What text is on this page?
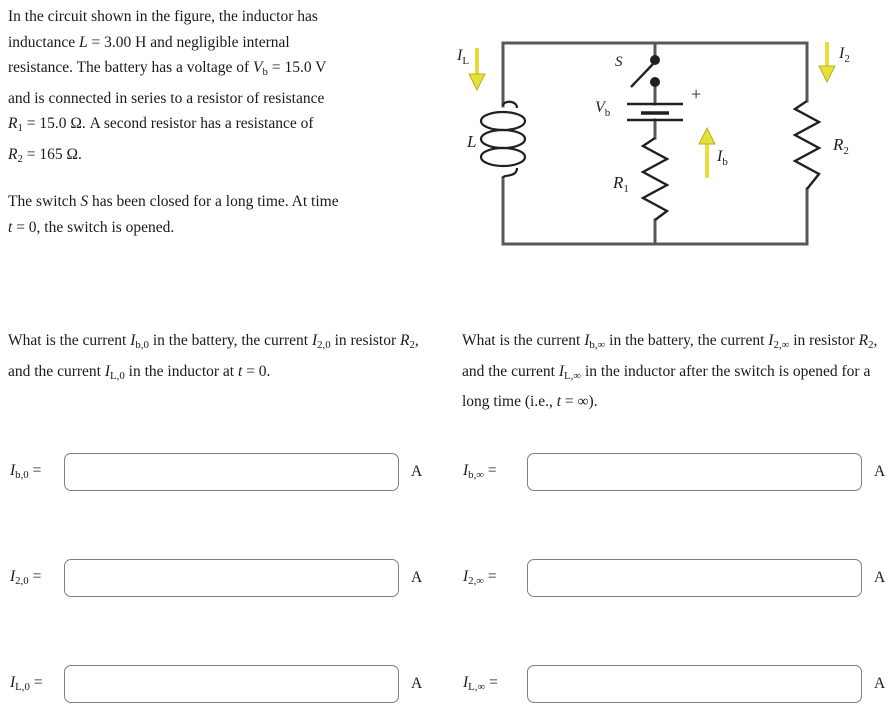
In the circuit shown in the figure, the inductor has

inductance L = 3.00 H and negligible internal

resistance. The battery has a voltage of $V_b = 15.0$ V

and is connected in series to a resistor of resistance

$R_1 = 15.0$ Ω. A second resistor has a resistance of

$R_2 = 165$ Ω.

The switch S has been closed for a long time. At time

t = 0, the switch is opened.

L
$I_L$	S
$V_b$
+
$R_1$
$I_b$
$R_2$
$I_2$
What is the current $I_{b,0}$ in the battery, the current $I_{2,0}$ in resistor $R_2$, and the current $I_{L,0}$ in the inductor at t = 0.
What is the current $I_{b,\infty}$ in the battery, the current $I_{2,\infty}$ in resistor $R_2$, and the current $I_{L,\infty}$ in the inductor after the switch is opened for a long time (i.e., t = ∞).
$I_{b,0}$ =	A
$I_{2,0}$ =	A
$I_{L,0}$ =	A
$I_{b,\infty}$ =	A
$I_{2,\infty}$ =	A
$I_{L,\infty}$ =	A
